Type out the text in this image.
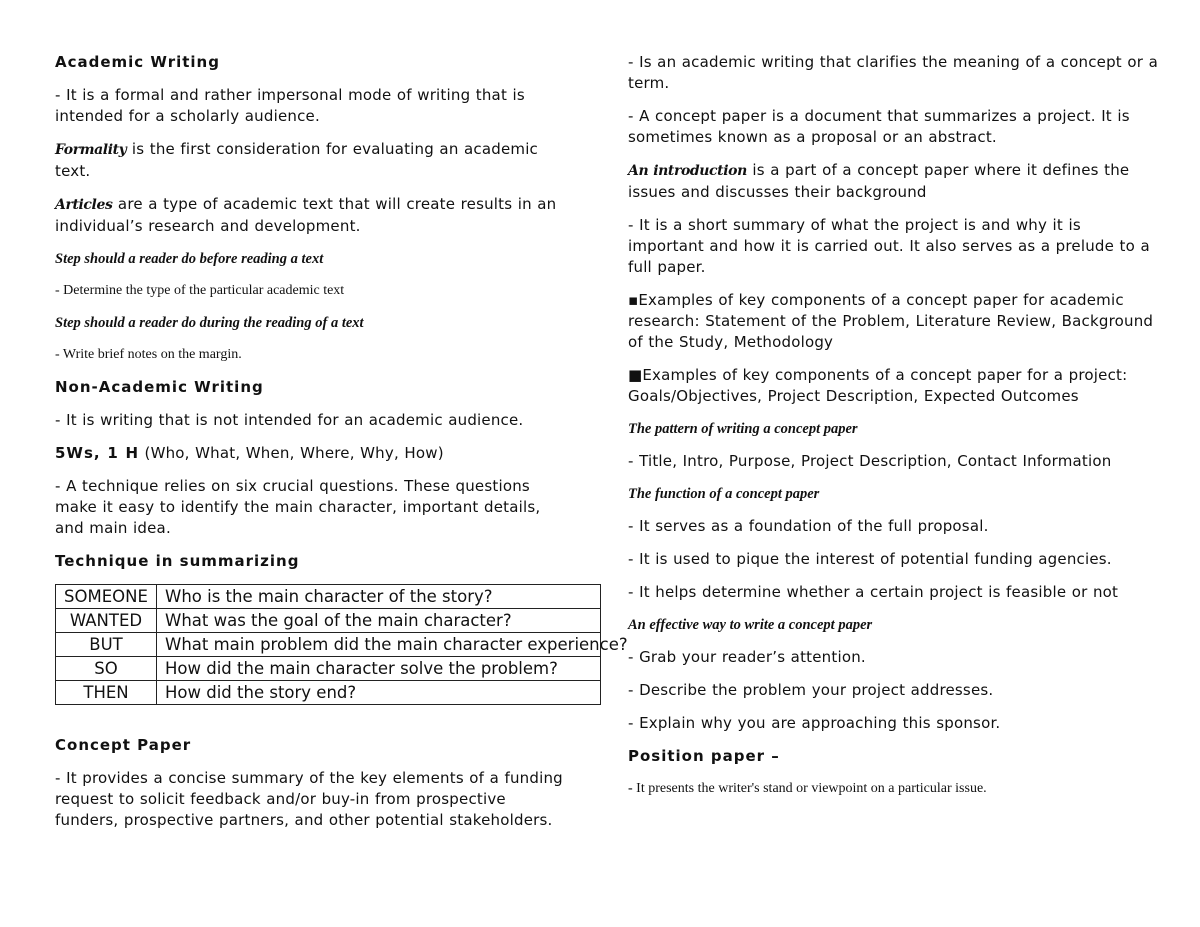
Academic Writing

- It is a formal and rather impersonal mode of writing that is intended for a scholarly audience.

Formality is the first consideration for evaluating an academic text.

Articles are a type of academic text that will create results in an individual’s research and development.

Step should a reader do before reading a text

- Determine the type of the particular academic text

Step should a reader do during the reading of a text

- Write brief notes on the margin.

Non-Academic Writing

- It is writing that is not intended for an academic audience.

5Ws, 1 H (Who, What, When, Where, Why, How)

- A technique relies on six crucial questions. These questions make it easy to identify the main character, important details, and main idea.

Technique in summarizing

SOMEONE	Who is the main character of the story?
WANTED	What was the goal of the main character?
BUT	What main problem did the main character experience?
SO	How did the main character solve the problem?
THEN	How did the story end?

Concept Paper

- It provides a concise summary of the key elements of a funding request to solicit feedback and/or buy-in from prospective funders, prospective partners, and other potential stakeholders.

- Is an academic writing that clarifies the meaning of a concept or a term.

- A concept paper is a document that summarizes a project. It is sometimes known as a proposal or an abstract.

An introduction is a part of a concept paper where it defines the issues and discusses their background

- It is a short summary of what the project is and why it is important and how it is carried out. It also serves as a prelude to a full paper.

▪Examples of key components of a concept paper for academic research: Statement of the Problem, Literature Review, Background of the Study, Methodology

■Examples of key components of a concept paper for a project: Goals/Objectives, Project Description, Expected Outcomes

The pattern of writing a concept paper

- Title, Intro, Purpose, Project Description, Contact Information

The function of a concept paper

- It serves as a foundation of the full proposal.

- It is used to pique the interest of potential funding agencies.

- It helps determine whether a certain project is feasible or not

An effective way to write a concept paper

- Grab your reader’s attention.

- Describe the problem your project addresses.

- Explain why you are approaching this sponsor.

Position paper –

- It presents the writer's stand or viewpoint on a particular issue.
